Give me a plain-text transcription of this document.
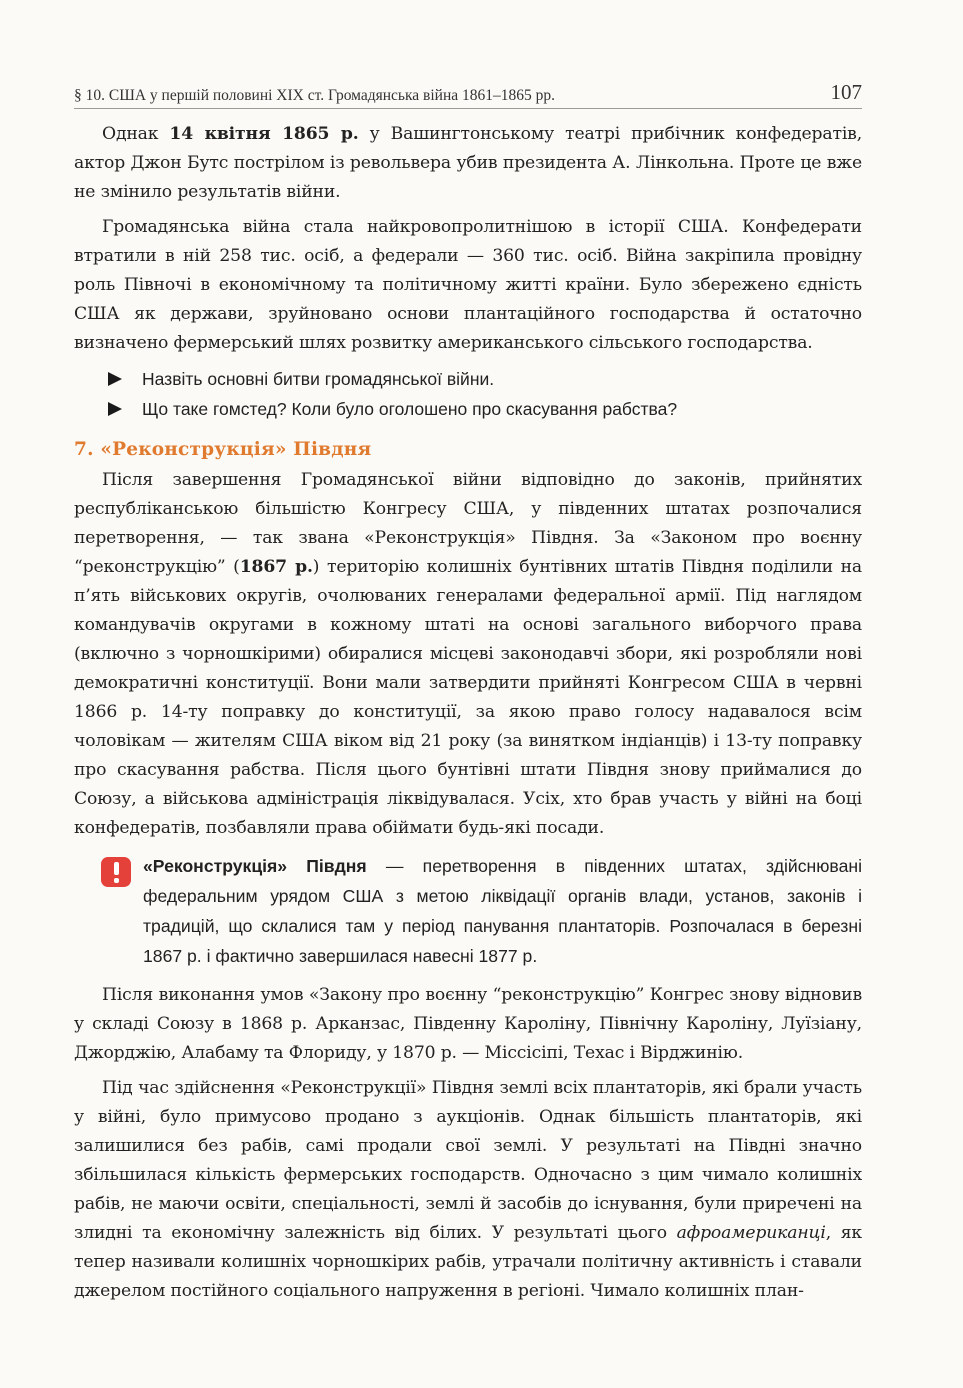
§ 10. США у першій половині XIX ст. Громадянська війна 1861–1865 рр.	107

Однак 14 квітня 1865 р. у Вашингтонському театрі прибічник конфедератів, актор Джон Бутс пострілом із револьвера убив президента А. Лінкольна. Проте це вже не змінило результатів війни.

Громадянська війна стала найкровопролитнішою в історії США. Конфедерати втратили в ній 258 тис. осіб, а федерали — 360 тис. осіб. Війна закріпила провідну роль Півночі в економічному та політичному житті країни. Було збережено єдність США як держави, зруйновано основи плантаційного господарства й остаточно визначено фермерський шлях розвитку американського сільського господарства.

Назвіть основні битви громадянської війни.
Що таке гомстед? Коли було оголошено про скасування рабства?
7. «Реконструкція» Півдня

Після завершення Громадянської війни відповідно до законів, прийнятих республіканською більшістю Конгресу США, у південних штатах розпочалися перетворення, — так звана «Реконструкція» Півдня. За «Законом про воєнну “реконструкцію” (1867 р.) територію колишніх бунтівних штатів Півдня поділили на п’ять військових округів, очолюваних генералами федеральної армії. Під наглядом командувачів округами в кожному штаті на основі загального виборчого права (включно з чорношкірими) обиралися місцеві законодавчі збори, які розробляли нові демократичні конституції. Вони мали затвердити прийняті Конгресом США в червні 1866 р. 14-ту поправку до конституції, за якою право голосу надавалося всім чоловікам — жителям США віком від 21 року (за винятком індіанців) і 13-ту поправку про скасування рабства. Після цього бунтівні штати Півдня знову приймалися до Союзу, а військова адміністрація ліквідувалася. Усіх, хто брав участь у війні на боці конфедератів, позбавляли права обіймати будь-які посади.

«Реконструкція» Півдня — перетворення в південних штатах, здійснювані федеральним урядом США з метою ліквідації органів влади, установ, законів і традицій, що склалися там у період панування плантаторів. Розпочалася в березні 1867 р. і фактично завершилася навесні 1877 р.

Після виконання умов «Закону про воєнну “реконструкцію” Конгрес знову відновив у складі Союзу в 1868 р. Арканзас, Південну Кароліну, Північну Кароліну, Луїзіану, Джорджію, Алабаму та Флориду, у 1870 р. — Міссісіпі, Техас і Вірджинію.

Під час здійснення «Реконструкції» Півдня землі всіх плантаторів, які брали участь у війні, було примусово продано з аукціонів. Однак більшість плантаторів, які залишилися без рабів, самі продали свої землі. У результаті на Півдні значно збільшилася кількість фермерських господарств. Одночасно з цим чимало колишніх рабів, не маючи освіти, спеціальності, землі й засобів до існування, були приречені на злидні та економічну залежність від білих. У результаті цього афроамериканці, як тепер називали колишніх чорношкірих рабів, утрачали політичну активність і ставали джерелом постійного соціального напруження в регіоні. Чимало колишніх план-
